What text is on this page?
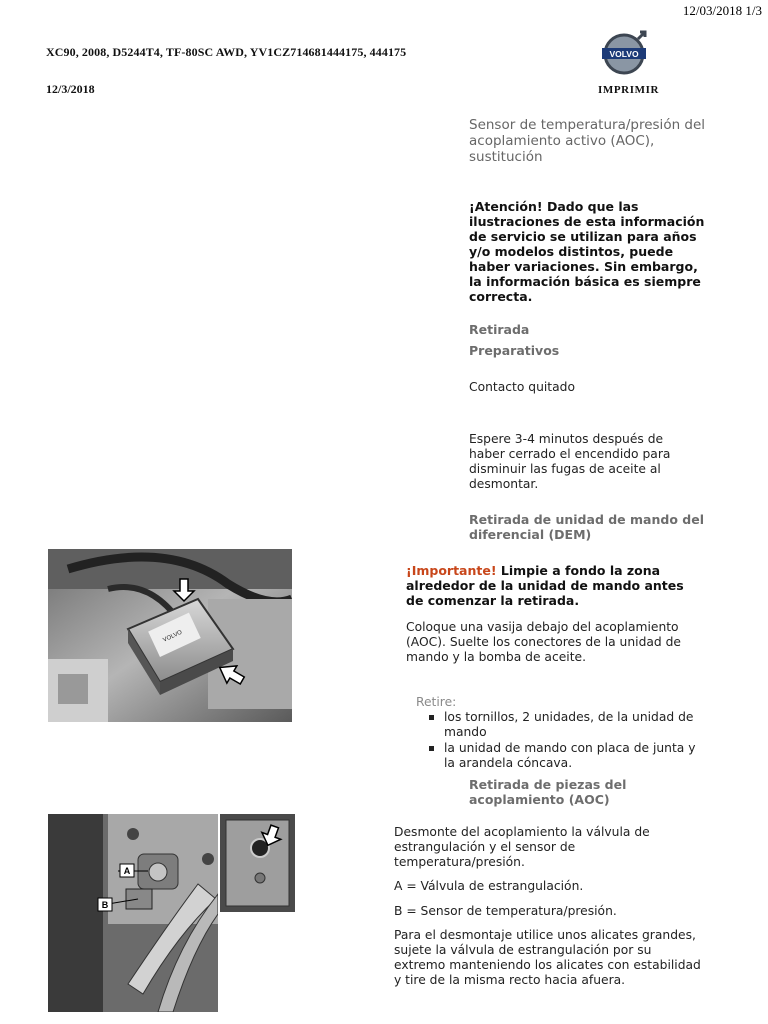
12/03/2018 1/3
XC90, 2008, D5244T4, TF-80SC AWD, YV1CZ714681444175, 444175
12/3/2018
VOLVO
IMPRIMIR
Sensor de temperatura/presión del acoplamiento activo (AOC), sustitución
¡Atención! Dado que las ilustraciones de esta información de servicio se utilizan para años y/o modelos distintos, puede haber variaciones. Sin embargo, la información básica es siempre correcta.
Retirada
Preparativos
Contacto quitado
Espere 3-4 minutos después de haber cerrado el encendido para disminuir las fugas de aceite al desmontar.
Retirada de unidad de mando del diferencial (DEM)
VOLVO
¡Importante! Limpie a fondo la zona alrededor de la unidad de mando antes de comenzar la retirada.
Coloque una vasija debajo del acoplamiento (AOC). Suelte los conectores de la unidad de mando y la bomba de aceite.
Retire:
los tornillos, 2 unidades, de la unidad de mando
la unidad de mando con placa de junta y la arandela cóncava.
Retirada de piezas del acoplamiento (AOC)
A
B
Desmonte del acoplamiento la válvula de estrangulación y el sensor de temperatura/presión.
A = Válvula de estrangulación.
B = Sensor de temperatura/presión.
Para el desmontaje utilice unos alicates grandes, sujete la válvula de estrangulación por su extremo manteniendo los alicates con estabilidad y tire de la misma recto hacia afuera.
